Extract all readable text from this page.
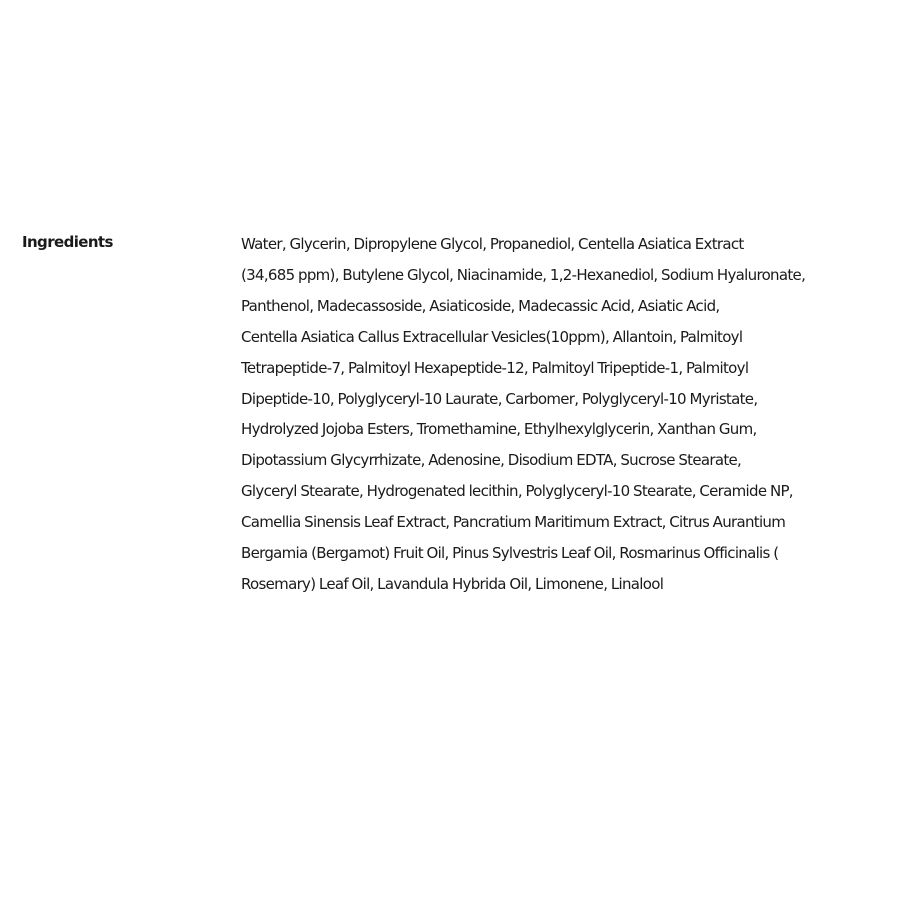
Ingredients	Water, Glycerin, Dipropylene Glycol, Propanediol, Centella Asiatica Extract
(34,685 ppm), Butylene Glycol, Niacinamide, 1,2-Hexanediol, Sodium Hyaluronate,
Panthenol, Madecassoside, Asiaticoside, Madecassic Acid, Asiatic Acid,
Centella Asiatica Callus Extracellular Vesicles(10ppm), Allantoin, Palmitoyl
Tetrapeptide-7, Palmitoyl Hexapeptide-12, Palmitoyl Tripeptide-1, Palmitoyl
Dipeptide-10, Polyglyceryl-10 Laurate, Carbomer, Polyglyceryl-10 Myristate,
Hydrolyzed Jojoba Esters, Tromethamine, Ethylhexylglycerin, Xanthan Gum,
Dipotassium Glycyrrhizate, Adenosine, Disodium EDTA, Sucrose Stearate,
Glyceryl Stearate, Hydrogenated lecithin, Polyglyceryl-10 Stearate, Ceramide NP,
Camellia Sinensis Leaf Extract, Pancratium Maritimum Extract, Citrus Aurantium
Bergamia (Bergamot) Fruit Oil, Pinus Sylvestris Leaf Oil, Rosmarinus Officinalis (
Rosemary) Leaf Oil, Lavandula Hybrida Oil, Limonene, Linalool
